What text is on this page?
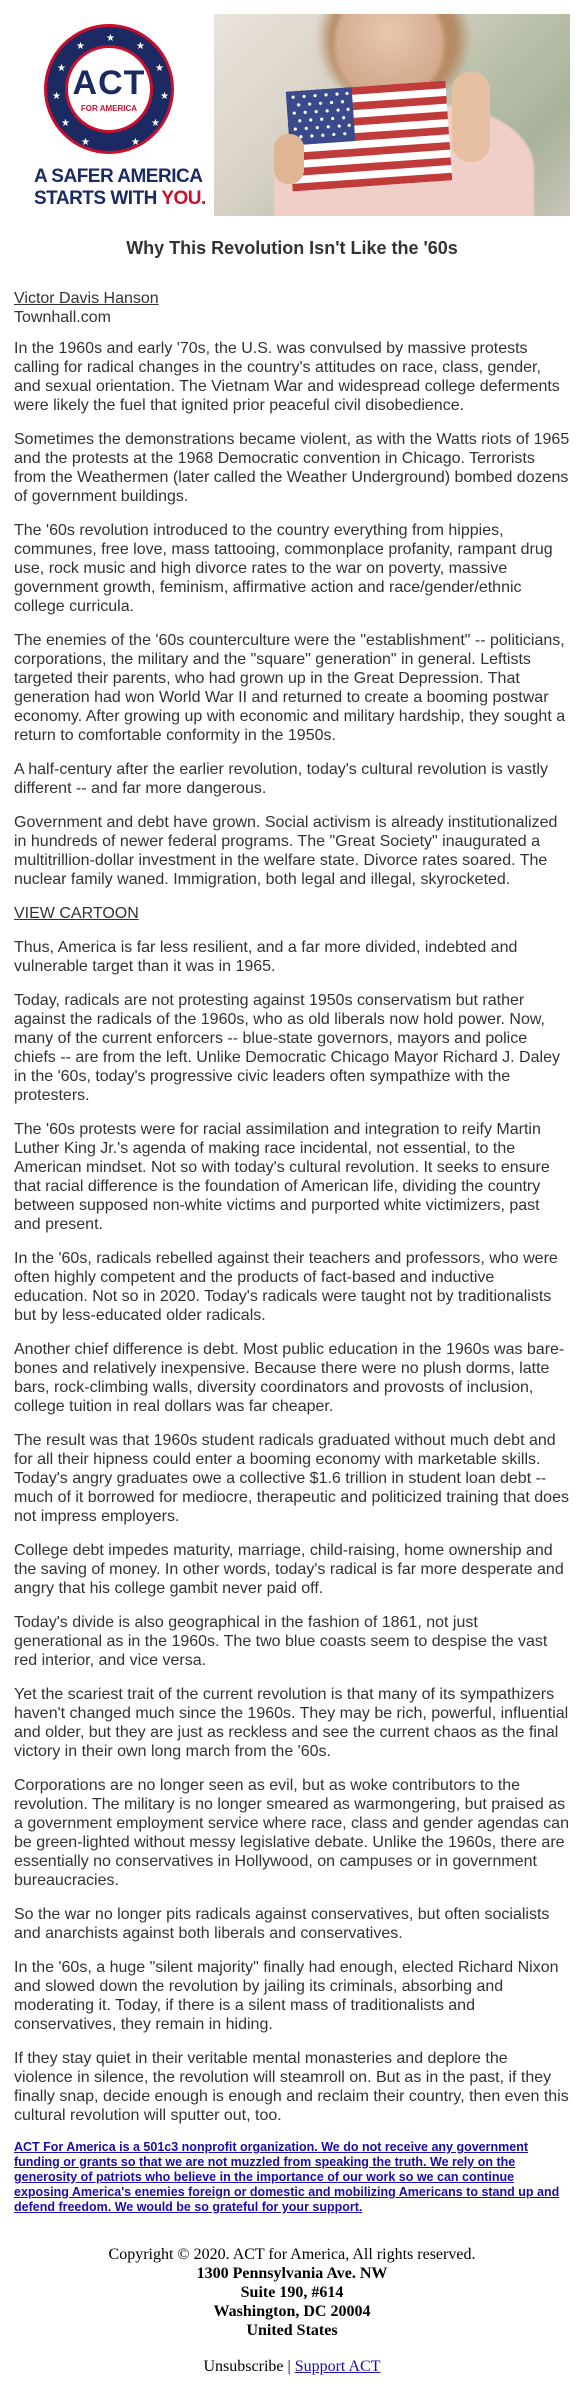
★
★
★
★
★
★
★
★
★
★
★
ACT
FOR AMERICA
A SAFER AMERICA
STARTS WITH YOU.
Why This Revolution Isn't Like the '60s
Victor Davis Hanson
Townhall.com

In the 1960s and early '70s, the U.S. was convulsed by massive protests calling for radical changes in the country's attitudes on race, class, gender, and sexual orientation. The Vietnam War and widespread college deferments were likely the fuel that ignited prior peaceful civil disobedience.

Sometimes the demonstrations became violent, as with the Watts riots of 1965 and the protests at the 1968 Democratic convention in Chicago. Terrorists from the Weathermen (later called the Weather Underground) bombed dozens of government buildings.

The '60s revolution introduced to the country everything from hippies, communes, free love, mass tattooing, commonplace profanity, rampant drug use, rock music and high divorce rates to the war on poverty, massive government growth, feminism, affirmative action and race/gender/ethnic college curricula.

The enemies of the '60s counterculture were the "establishment" -- politicians, corporations, the military and the "square" generation" in general. Leftists targeted their parents, who had grown up in the Great Depression. That generation had won World War II and returned to create a booming postwar economy. After growing up with economic and military hardship, they sought a return to comfortable conformity in the 1950s.

A half-century after the earlier revolution, today's cultural revolution is vastly different -- and far more dangerous.

Government and debt have grown. Social activism is already institutionalized in hundreds of newer federal programs. The "Great Society" inaugurated a multitrillion-dollar investment in the welfare state. Divorce rates soared. The nuclear family waned. Immigration, both legal and illegal, skyrocketed.

VIEW CARTOON

Thus, America is far less resilient, and a far more divided, indebted and vulnerable target than it was in 1965.

Today, radicals are not protesting against 1950s conservatism but rather against the radicals of the 1960s, who as old liberals now hold power. Now, many of the current enforcers -- blue-state governors, mayors and police chiefs -- are from the left. Unlike Democratic Chicago Mayor Richard J. Daley in the '60s, today's progressive civic leaders often sympathize with the protesters.

The '60s protests were for racial assimilation and integration to reify Martin Luther King Jr.'s agenda of making race incidental, not essential, to the American mindset. Not so with today's cultural revolution. It seeks to ensure that racial difference is the foundation of American life, dividing the country between supposed non-white victims and purported white victimizers, past and present.

In the '60s, radicals rebelled against their teachers and professors, who were often highly competent and the products of fact-based and inductive education. Not so in 2020. Today's radicals were taught not by traditionalists but by less-educated older radicals.

Another chief difference is debt. Most public education in the 1960s was bare-bones and relatively inexpensive. Because there were no plush dorms, latte bars, rock-climbing walls, diversity coordinators and provosts of inclusion, college tuition in real dollars was far cheaper.

The result was that 1960s student radicals graduated without much debt and for all their hipness could enter a booming economy with marketable skills. Today's angry graduates owe a collective $1.6 trillion in student loan debt -- much of it borrowed for mediocre, therapeutic and politicized training that does not impress employers.

College debt impedes maturity, marriage, child-raising, home ownership and the saving of money. In other words, today's radical is far more desperate and angry that his college gambit never paid off.

Today's divide is also geographical in the fashion of 1861, not just generational as in the 1960s. The two blue coasts seem to despise the vast red interior, and vice versa.

Yet the scariest trait of the current revolution is that many of its sympathizers haven't changed much since the 1960s. They may be rich, powerful, influential and older, but they are just as reckless and see the current chaos as the final victory in their own long march from the '60s.

Corporations are no longer seen as evil, but as woke contributors to the revolution. The military is no longer smeared as warmongering, but praised as a government employment service where race, class and gender agendas can be green-lighted without messy legislative debate. Unlike the 1960s, there are essentially no conservatives in Hollywood, on campuses or in government bureaucracies.

So the war no longer pits radicals against conservatives, but often socialists and anarchists against both liberals and conservatives.

In the '60s, a huge "silent majority" finally had enough, elected Richard Nixon and slowed down the revolution by jailing its criminals, absorbing and moderating it. Today, if there is a silent mass of traditionalists and conservatives, they remain in hiding.

If they stay quiet in their veritable mental monasteries and deplore the violence in silence, the revolution will steamroll on. But as in the past, if they finally snap, decide enough is enough and reclaim their country, then even this cultural revolution will sputter out, too.

ACT For America is a 501c3 nonprofit organization. We do not receive any government funding or grants so that we are not muzzled from speaking the truth. We rely on the generosity of patriots who believe in the importance of our work so we can continue exposing America's enemies foreign or domestic and mobilizing Americans to stand up and defend freedom. We would be so grateful for your support.
Copyright © 2020. ACT for America, All rights reserved.
1300 Pennsylvania Ave. NW
Suite 190, #614
Washington, DC 20004
United States
Unsubscribe | Support ACT
